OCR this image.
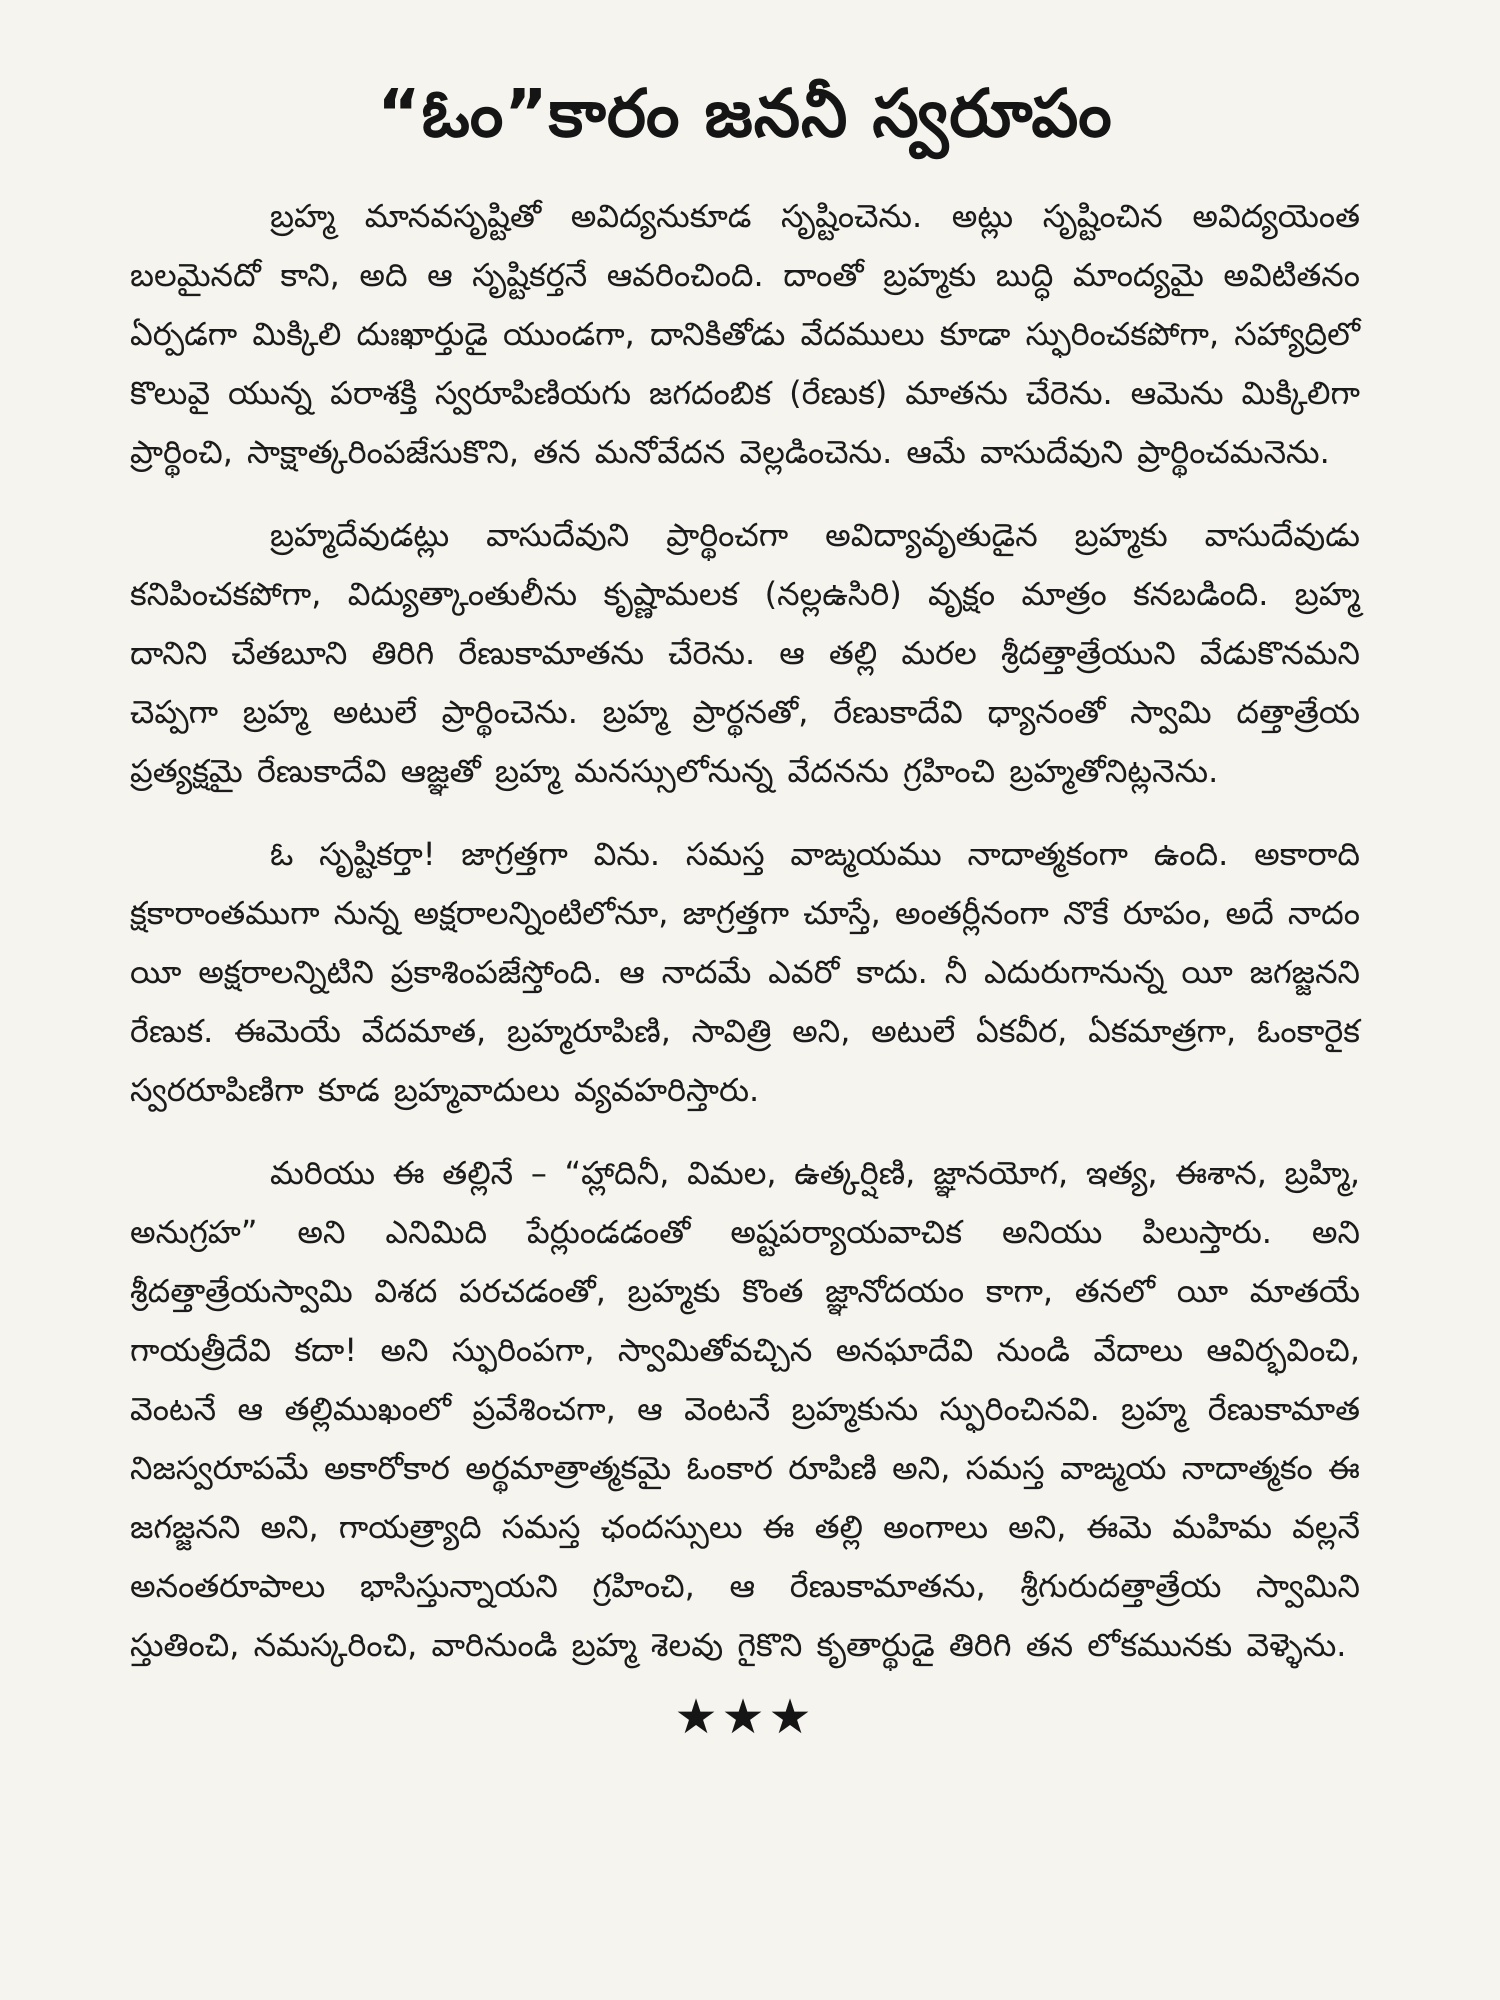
“ఓం”కారం జననీ స్వరూపం

బ్రహ్మ మానవసృష్టితో అవిద్యనుకూడ సృష్టించెను. అట్లు సృష్టించిన అవిద్యయెంత బలమైనదో కాని, అది ఆ సృష్టికర్తనే ఆవరించింది. దాంతో బ్రహ్మకు బుద్ధి మాంద్యమై అవిటితనం ఏర్పడగా మిక్కిలి దుఃఖార్తుడై యుండగా, దానికితోడు వేదములు కూడా స్ఫురించకపోగా, సహ్యాద్రిలో కొలువై యున్న పరాశక్తి స్వరూపిణియగు జగదంబిక (రేణుక) మాతను చేరెను. ఆమెను మిక్కిలిగా ప్రార్థించి, సాక్షాత్కరింపజేసుకొని, తన మనోవేదన వెల్లడించెను. ఆమే వాసుదేవుని ప్రార్థించమనెను.

బ్రహ్మదేవుడట్లు వాసుదేవుని ప్రార్థించగా అవిద్యావృతుడైన బ్రహ్మకు వాసుదేవుడు కనిపించకపోగా, విద్యుత్కాంతులీను కృష్ణామలక (నల్లఉసిరి) వృక్షం మాత్రం కనబడింది. బ్రహ్మ దానిని చేతబూని తిరిగి రేణుకామాతను చేరెను. ఆ తల్లి మరల శ్రీదత్తాత్రేయుని వేడుకొనమని చెప్పగా బ్రహ్మ అటులే ప్రార్థించెను. బ్రహ్మ ప్రార్థనతో, రేణుకాదేవి ధ్యానంతో స్వామి దత్తాత్రేయ ప్రత్యక్షమై రేణుకాదేవి ఆజ్ఞతో బ్రహ్మ మనస్సులోనున్న వేదనను గ్రహించి బ్రహ్మతోనిట్లనెను.

ఓ సృష్టికర్తా! జాగ్రత్తగా విను. సమస్త వాఙ్మయము నాదాత్మకంగా ఉంది. అకారాది క్షకారాంతముగా నున్న అక్షరాలన్నింటిలోనూ, జాగ్రత్తగా చూస్తే, అంతర్లీనంగా నొకే రూపం, అదే నాదం యీ అక్షరాలన్నిటిని ప్రకాశింపజేస్తోంది. ఆ నాదమే ఎవరో కాదు. నీ ఎదురుగానున్న యీ జగజ్జనని రేణుక. ఈమెయే వేదమాత, బ్రహ్మరూపిణి, సావిత్రి అని, అటులే ఏకవీర, ఏకమాత్రగా, ఓంకారైక స్వరరూపిణిగా కూడ బ్రహ్మవాదులు వ్యవహరిస్తారు.

మరియు ఈ తల్లినే – “హ్లాదినీ, విమల, ఉత్కర్షిణి, జ్ఞానయోగ, ఇత్య, ఈశాన, బ్రహ్మి, అనుగ్రహ” అని ఎనిమిది పేర్లుండడంతో అష్టపర్యాయవాచిక అనియు పిలుస్తారు. అని శ్రీదత్తాత్రేయస్వామి విశద పరచడంతో, బ్రహ్మకు కొంత జ్ఞానోదయం కాగా, తనలో యీ మాతయే గాయత్రీదేవి కదా! అని స్ఫురింపగా, స్వామితోవచ్చిన అనఘాదేవి నుండి వేదాలు ఆవిర్భవించి, వెంటనే ఆ తల్లిముఖంలో ప్రవేశించగా, ఆ వెంటనే బ్రహ్మకును స్ఫురించినవి. బ్రహ్మ రేణుకామాత నిజస్వరూపమే అకారోకార అర్థమాత్రాత్మకమై ఓంకార రూపిణి అని, సమస్త వాఙ్మయ నాదాత్మకం ఈ జగజ్జనని అని, గాయత్ర్యాది సమస్త ఛందస్సులు ఈ తల్లి అంగాలు అని, ఈమె మహిమ వల్లనే అనంతరూపాలు భాసిస్తున్నాయని గ్రహించి, ఆ రేణుకామాతను, శ్రీగురుదత్తాత్రేయ స్వామిని స్తుతించి, నమస్కరించి, వారినుండి బ్రహ్మ శెలవు గైకొని కృతార్థుడై తిరిగి తన లోకమునకు వెళ్ళెను.

★★★
